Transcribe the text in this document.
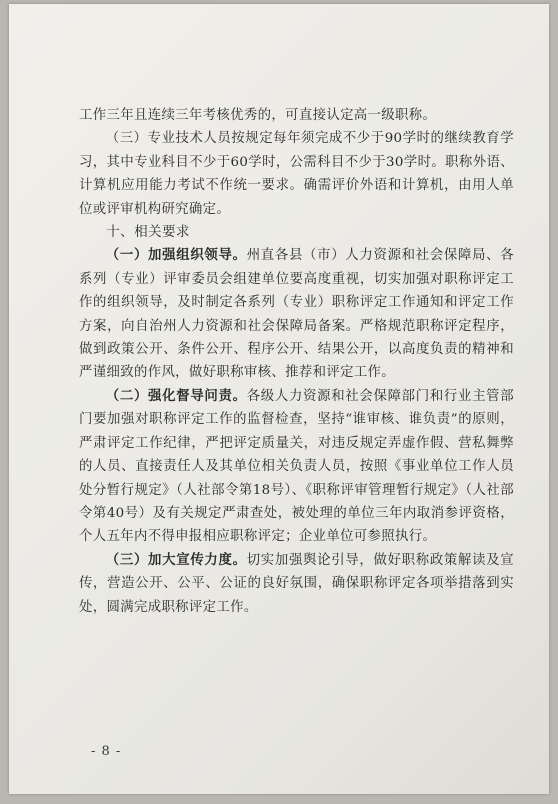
工作三年且连续三年考核优秀的，可直接认定高一级职称。

（三）专业技术人员按规定每年须完成不少于90学时的继续教育学习，其中专业科目不少于60学时，公需科目不少于30学时。职称外语、计算机应用能力考试不作统一要求。确需评价外语和计算机，由用人单位或评审机构研究确定。

十、相关要求

（一）加强组织领导。州直各县（市）人力资源和社会保障局、各系列（专业）评审委员会组建单位要高度重视，切实加强对职称评定工作的组织领导，及时制定各系列（专业）职称评定工作通知和评定工作方案，向自治州人力资源和社会保障局备案。严格规范职称评定程序，做到政策公开、条件公开、程序公开、结果公开，以高度负责的精神和严谨细致的作风，做好职称审核、推荐和评定工作。

（二）强化督导问责。各级人力资源和社会保障部门和行业主管部门要加强对职称评定工作的监督检查，坚持“谁审核、谁负责”的原则，严肃评定工作纪律，严把评定质量关，对违反规定弄虚作假、营私舞弊的人员、直接责任人及其单位相关负责人员，按照《事业单位工作人员处分暂行规定》（人社部令第18号）、《职称评审管理暂行规定》（人社部令第40号）及有关规定严肃查处，被处理的单位三年内取消参评资格，个人五年内不得申报相应职称评定；企业单位可参照执行。

（三）加大宣传力度。切实加强舆论引导，做好职称政策解读及宣传，营造公开、公平、公证的良好氛围，确保职称评定各项举措落到实处，圆满完成职称评定工作。

- 8 -
